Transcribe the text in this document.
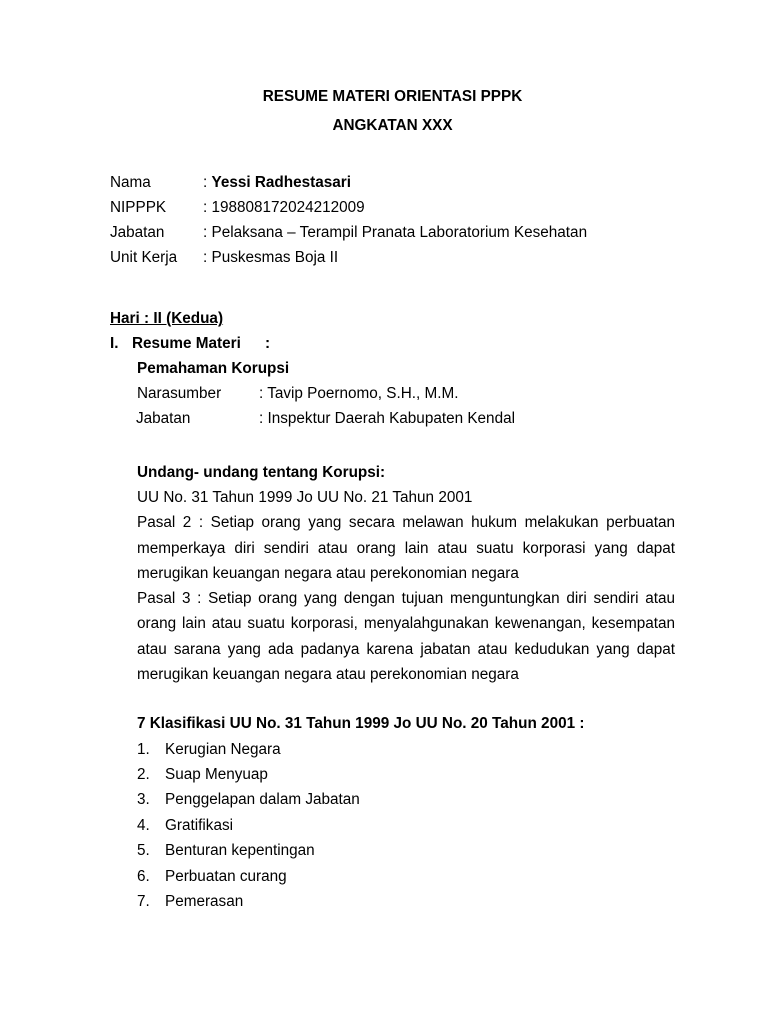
RESUME MATERI ORIENTASI PPPK
ANGKATAN XXX
Nama	: Yessi Radhestasari
NIPPPK : 198808172024212009
Jabatan	: Pelaksana – Terampil Pranata Laboratorium Kesehatan
Unit Kerja : Puskesmas Boja II
Hari : II (Kedua)
I. Resume Materi :
Pemahaman Korupsi
Narasumber : Tavip Poernomo, S.H., M.M.
Jabatan	: Inspektur Daerah Kabupaten Kendal
Undang- undang tentang Korupsi:
UU No. 31 Tahun 1999 Jo UU No. 21 Tahun 2001
Pasal 2 : Setiap orang yang secara melawan hukum melakukan perbuatan
memperkaya diri sendiri atau orang lain atau suatu korporasi yang dapat
merugikan keuangan negara atau perekonomian negara
Pasal 3 : Setiap orang yang dengan tujuan menguntungkan diri sendiri atau
orang lain atau suatu korporasi, menyalahgunakan kewenangan, kesempatan
atau sarana yang ada padanya karena jabatan atau kedudukan yang dapat
merugikan keuangan negara atau perekonomian negara
7 Klasifikasi UU No. 31 Tahun 1999 Jo UU No. 20 Tahun 2001 :
1. Kerugian Negara
2. Suap Menyuap
3. Penggelapan dalam Jabatan
4. Gratifikasi
5. Benturan kepentingan
6. Perbuatan curang
7. Pemerasan
